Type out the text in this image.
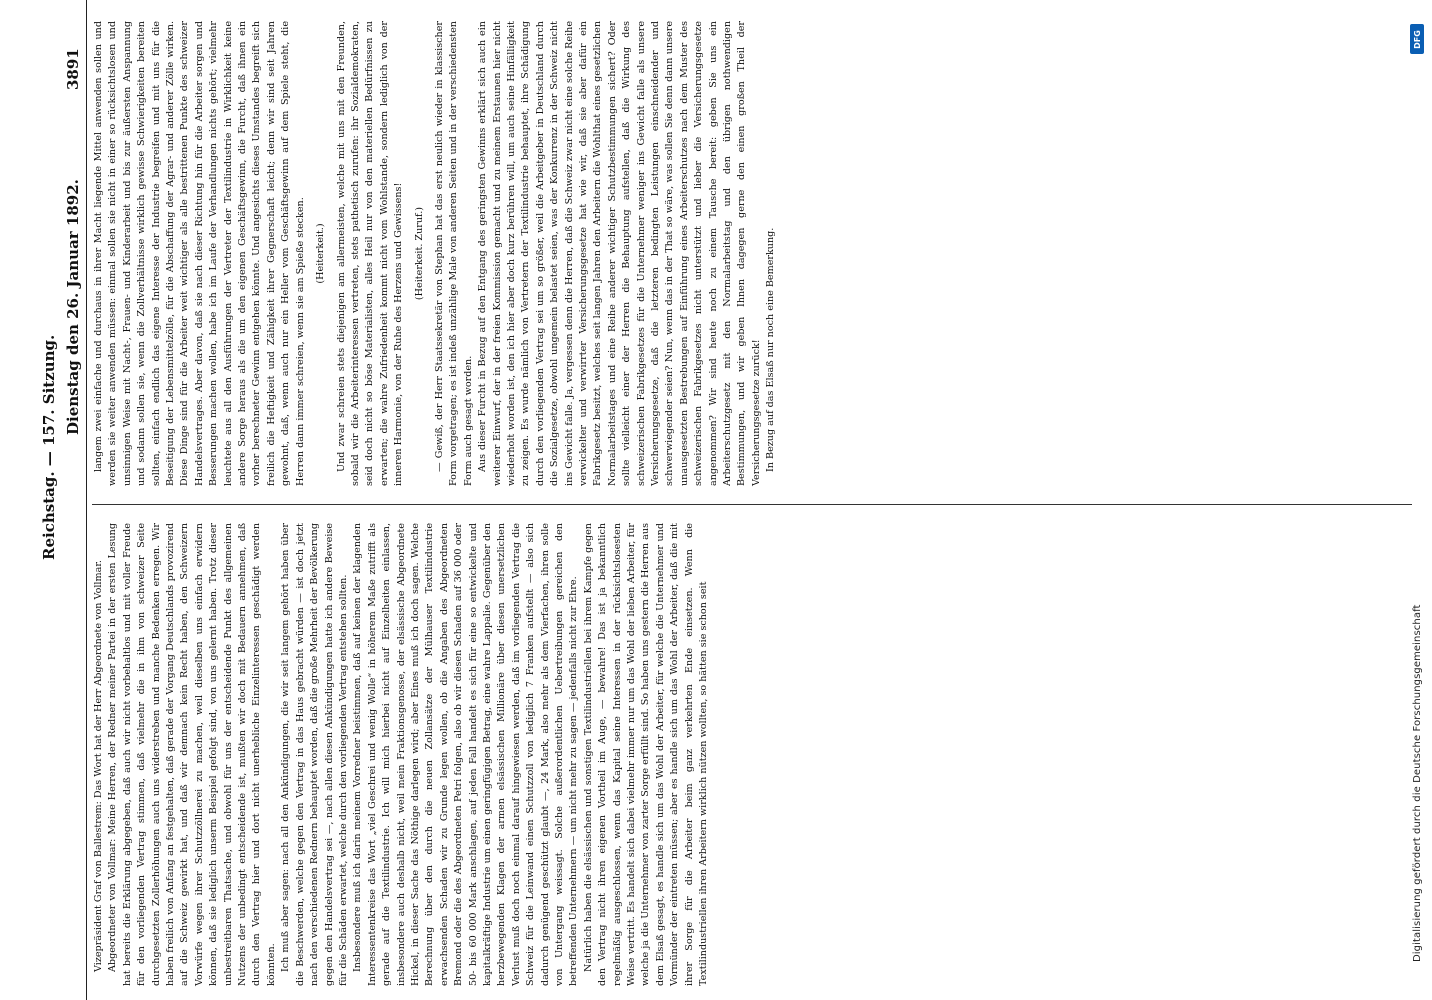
Reichstag. — 157. Sitzung.
Dienstag den 26. Januar 1892.
3891

Vizepräsident Graf von Ballestrem: Das Wort hat der Herr Abgeordnete von Vollmar. Abgeordneter von Vollmar: Meine Herren, der Redner meiner Partei in der ersten Lesung hat bereits die Erklärung abgegeben, daß auch wir nicht vorbehaltlos und mit voller Freude für den vorliegenden Vertrag stimmen, daß vielmehr die in ihm von schweizer Seite durchgesetzten Zollerhöhungen auch uns widerstreben und manche Bedenken erregen. Wir haben freilich von Anfang an festgehalten, daß gerade der Vorgang Deutschlands provozirend auf die Schweiz gewirkt hat, und daß wir demnach kein Recht haben, den Schweizern Vorwürfe wegen ihrer Schutzzöllnerei zu machen, weil dieselben uns einfach erwidern können, daß sie lediglich unserm Beispiel gefolgt sind, von uns gelernt haben. Trotz dieser unbestreitbaren Thatsache, und obwohl für uns der entscheidende Punkt des allgemeinen Nutzens der unbedingt entscheidende ist, mußten wir doch mit Bedauern annehmen, daß durch den Vertrag hier und dort nicht unerhebliche Einzelinteressen geschädigt werden könnten. Ich muß aber sagen: nach all den Ankündigungen, die wir seit langem gehört haben über die Beschwerden, welche gegen den Vertrag in das Haus gebracht würden — ist doch jetzt nach den verschiedenen Rednern behauptet worden, daß die große Mehrheit der Bevölkerung gegen den Handelsvertrag sei —, nach allen diesen Ankündigungen hatte ich andere Beweise für die Schäden erwartet, welche durch den vorliegenden Vertrag entstehen sollten. Insbesondere muß ich darin meinem Vorredner beistimmen, daß auf keinen der klagenden Interessentenkreise das Wort „viel Geschrei und wenig Wolle“ in höherem Maße zutrifft als gerade auf die Textilindustrie. Ich will mich hierbei nicht auf Einzelheiten einlassen, insbesondere auch deshalb nicht, weil mein Fraktionsgenosse, der elsässische Abgeordnete Hickel, in dieser Sache das Nöthige darlegen wird; aber Eines muß ich doch sagen. Welche Berechnung über den durch die neuen Zollansätze der Mülhauser Textilindustrie erwachsenden Schaden wir zu Grunde legen wollen, ob die Angaben des Abgeordneten Bremond oder die des Abgeordneten Petri folgen, also ob wir diesen Schaden auf 36 000 oder 50- bis 60 000 Mark anschlagen, auf jeden Fall handelt es sich für eine so entwickelte und kapitalkräftige Industrie um einen geringfügigen Betrag, eine wahre Lappalie. Gegenüber den herzbewegenden Klagen der armen elsässischen Millionäre über diesen unersetzlichen Verlust muß doch noch einmal darauf hingewiesen werden, daß im vorliegenden Vertrag die Schweiz für die Leinwand einen Schutzzoll von lediglich 7 Franken aufstellt — also sich dadurch genügend geschützt glaubt —, 24 Mark, also mehr als dem Vierfachen, ihren solle von Untergang weissagt. Solche außerordentlichen Uebertreibungen gereichen den betreffenden Unternehmern — um nicht mehr zu sagen — jedenfalls nicht zur Ehre. Natürlich haben die elsässischen und sonstigen Textilindustriellen bei ihrem Kampfe gegen den Vertrag nicht ihren eigenen Vortheil im Auge, — bewahre! Das ist ja bekanntlich regelmäßig ausgeschlossen, wenn das Kapital seine Interessen in der rücksichtslosesten Weise vertritt. Es handelt sich dabei vielmehr immer nur um das Wohl der lieben Arbeiter, für welche ja die Unternehmer von zarter Sorge erfüllt sind. So haben uns gestern die Herren aus dem Elsaß gesagt, es handle sich um das Wohl der Arbeiter, für welche die Unternehmer und Vormünder der eintreten müssen; aber es handle sich um das Wohl der Arbeiter, daß die mit ihrer Sorge für die Arbeiter beim ganz verkehrten Ende einsetzen. Wenn die Textilindustriellen ihren Arbeitern wirklich nützen wollten, so hätten sie schon seit

langem zwei einfache und durchaus in ihrer Macht liegende Mittel anwenden sollen und werden sie weiter anwenden müssen: einmal sollen sie nicht in einer so rücksichtslosen und unsinnigen Weise mit Nacht-, Frauen- und Kinderarbeit und bis zur äußersten Anspannung und sodann sollen sie, wenn die Zollverhältnisse wirklich gewisse Schwierigkeiten bereiten sollten, einfach endlich das eigene Interesse der Industrie begreifen und mit uns für die Beseitigung der Lebensmittelzölle, für die Abschaffung der Agrar- und anderer Zölle wirken. Diese Dinge sind für die Arbeiter weit wichtiger als alle bestrittenen Punkte des schweizer Handelsvertrages. Aber davon, daß sie nach dieser Richtung hin für die Arbeiter sorgen und Besserungen machen wollen, habe ich im Laufe der Verhandlungen nichts gehört; vielmehr leuchtete aus all den Ausführungen der Vertreter der Textilindustrie in Wirklichkeit keine andere Sorge heraus als die um den eigenen Geschäftsgewinn, die Furcht, daß ihnen ein vorher berechneter Gewinn entgehen könnte. Und angesichts dieses Umstandes begreift sich freilich die Heftigkeit und Zähigkeit ihrer Gegnerschaft leicht; denn wir sind seit Jahren gewohnt, daß, wenn auch nur ein Heller vom Geschäftsgewinn auf dem Spiele steht, die Herren dann immer schreien, wenn sie am Spieße stecken. (Heiterkeit.) Und zwar schreien stets diejenigen am allermeisten, welche mit uns mit den Freunden, sobald wir die Arbeiterinteressen vertreten, stets pathetisch zurufen: ihr Sozialdemokraten, seid doch nicht so böse Materialisten, alles Heil nur von den materiellen Bedürfnissen zu erwarten; die wahre Zufriedenheit kommt nicht vom Wohlstande, sondern lediglich von der inneren Harmonie, von der Ruhe des Herzens und Gewissens! (Heiterkeit. Zuruf.) — Gewiß, der Herr Staatssekretär von Stephan hat das erst neulich wieder in klassischer Form vorgetragen; es ist indeß unzählige Male von anderen Seiten und in der verschiedensten Form auch gesagt worden. Aus dieser Furcht in Bezug auf den Entgang des geringsten Gewinns erklärt sich auch ein weiterer Einwurf, der in der freien Kommission gemacht und zu meinem Erstaunen hier nicht wiederholt worden ist, den ich hier aber doch kurz berühren will, um auch seine Hinfälligkeit zu zeigen. Es wurde nämlich von Vertretern der Textilindustrie behauptet, ihre Schädigung durch den vorliegenden Vertrag sei um so größer, weil die Arbeitgeber in Deutschland durch die Sozialgesetze, obwohl ungemein belastet seien, was der Konkurrenz in der Schweiz nicht ins Gewicht falle. Ja, vergessen denn die Herren, daß die Schweiz zwar nicht eine solche Reihe verwickelter und verwirrter Versicherungsgesetze hat wie wir, daß sie aber dafür ein Fabrikgesetz besitzt, welches seit langen Jahren den Arbeitern die Wohlthat eines gesetzlichen Normalarbeitstages und eine Reihe anderer wichtiger Schutzbestimmungen sichert? Oder sollte vielleicht einer der Herren die Behauptung aufstellen, daß die Wirkung des schweizerischen Fabrikgesetzes für die Unternehmer weniger ins Gewicht falle als unsere Versicherungsgesetze, daß die letzteren bedingten Leistungen einschneidender und schwerwiegender seien? Nun, wenn das in der That so wäre, was sollen Sie denn dann unsere unausgesetzten Bestrebungen auf Einführung eines Arbeiterschutzes nach dem Muster des schweizerischen Fabrikgesetzes nicht unterstützt und lieber die Versicherungsgesetze angenommen? Wir sind heute noch zu einem Tausche bereit: geben Sie uns ein Arbeiterschutzgesetz mit den Normalarbeitstag und den übrigen nothwendigen Bestimmungen, und wir geben Ihnen dagegen gerne den einen großen Theil der Versicherungsgesetze zurück! In Bezug auf das Elsaß nur noch eine Bemerkung.

DFG
Digitalisierung gefördert durch die Deutsche Forschungsgemeinschaft
